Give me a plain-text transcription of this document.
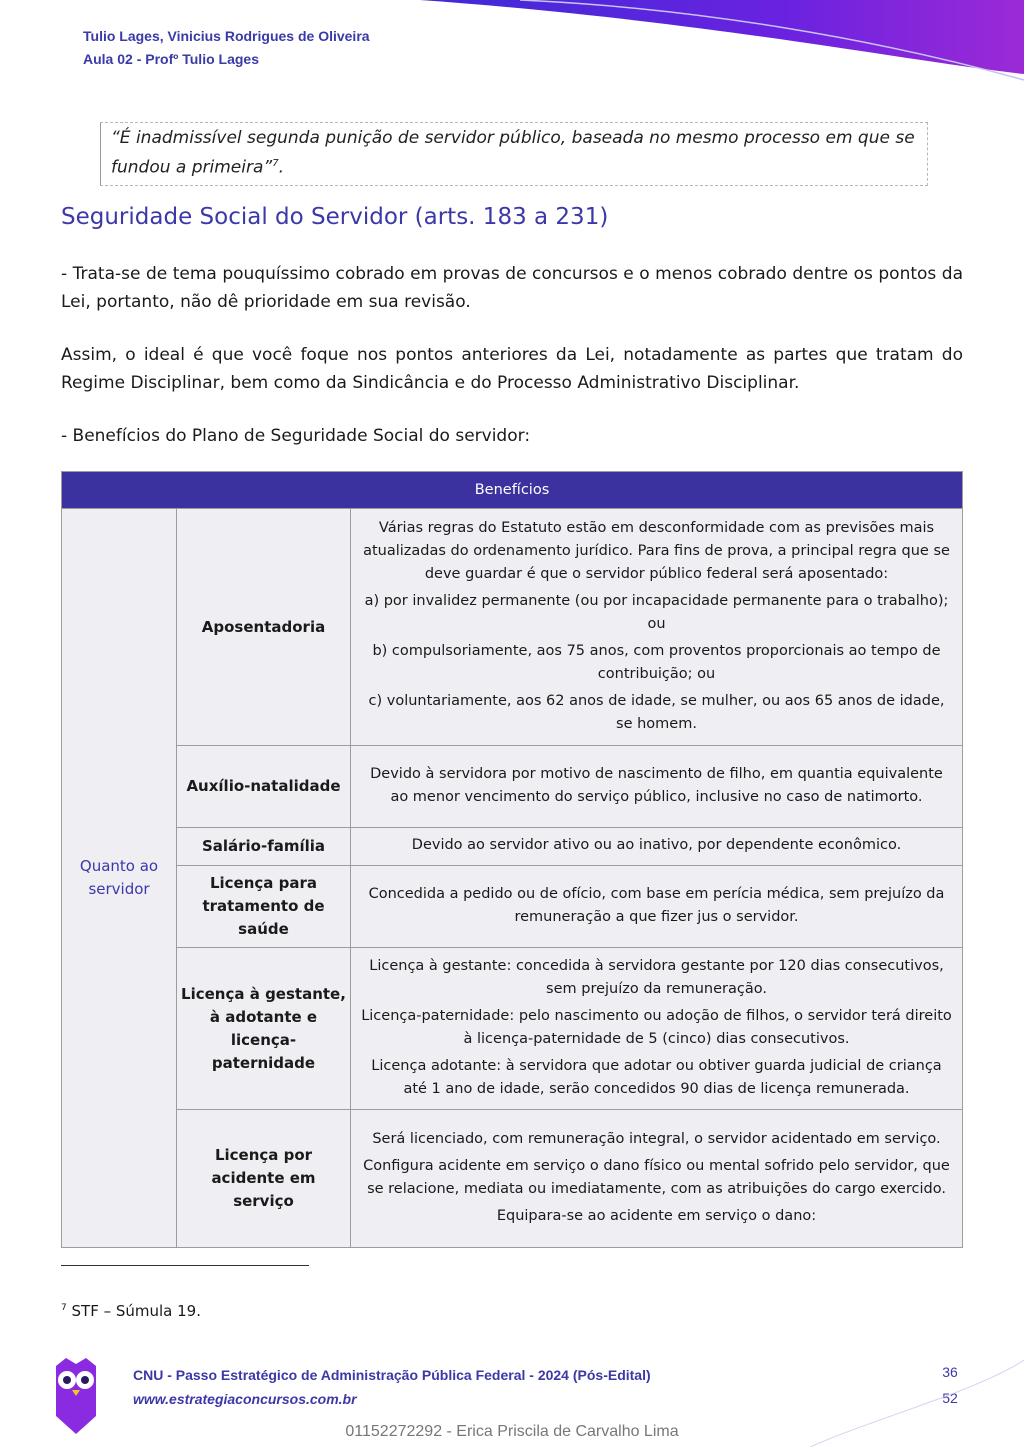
Tulio Lages, Vinicius Rodrigues de Oliveira
Aula 02 - Profº Tulio Lages
“É inadmissível segunda punição de servidor público, baseada no mesmo processo em que se fundou a primeira”$^7$.
Seguridade Social do Servidor (arts. 183 a 231)
- Trata-se de tema pouquíssimo cobrado em provas de concursos e o menos cobrado dentre os pontos da Lei, portanto, não dê prioridade em sua revisão.
Assim, o ideal é que você foque nos pontos anteriores da Lei, notadamente as partes que tratam do Regime Disciplinar, bem como da Sindicância e do Processo Administrativo Disciplinar.
- Benefícios do Plano de Seguridade Social do servidor:
Benefícios		
Quanto ao servidor	Aposentadoria	Várias regras do Estatuto estão em desconformidade com as previsões mais atualizadas do ordenamento jurídico. Para fins de prova, a principal regra que se deve guardar é que o servidor público federal será aposentado:

a) por invalidez permanente (ou por incapacidade permanente para o trabalho); ou

b) compulsoriamente, aos 75 anos, com proventos proporcionais ao tempo de contribuição; ou

c) voluntariamente, aos 62 anos de idade, se mulher, ou aos 65 anos de idade, se homem.

	Auxílio-natalidade	Devido à servidora por motivo de nascimento de filho, em quantia equivalente ao menor vencimento do serviço público, inclusive no caso de natimorto.

	Salário-família	Devido ao servidor ativo ou ao inativo, por dependente econômico.

	Licença para tratamento de saúde	Concedida a pedido ou de ofício, com base em perícia médica, sem prejuízo da remuneração a que fizer jus o servidor.

	Licença à gestante, à adotante e licença-paternidade	Licença à gestante: concedida à servidora gestante por 120 dias consecutivos, sem prejuízo da remuneração.

Licença-paternidade: pelo nascimento ou adoção de filhos, o servidor terá direito à licença-paternidade de 5 (cinco) dias consecutivos.

Licença adotante: à servidora que adotar ou obtiver guarda judicial de criança até 1 ano de idade, serão concedidos 90 dias de licença remunerada.

	Licença por acidente em serviço	Será licenciado, com remuneração integral, o servidor acidentado em serviço.

Configura acidente em serviço o dano físico ou mental sofrido pelo servidor, que se relacione, mediata ou imediatamente, com as atribuições do cargo exercido.

Equipara-se ao acidente em serviço o dano:

$^7$ STF – Súmula 19.
CNU - Passo Estratégico de Administração Pública Federal - 2024 (Pós-Edital)
www.estrategiaconcursos.com.br
36
52
01152272292 - Erica Priscila de Carvalho Lima
